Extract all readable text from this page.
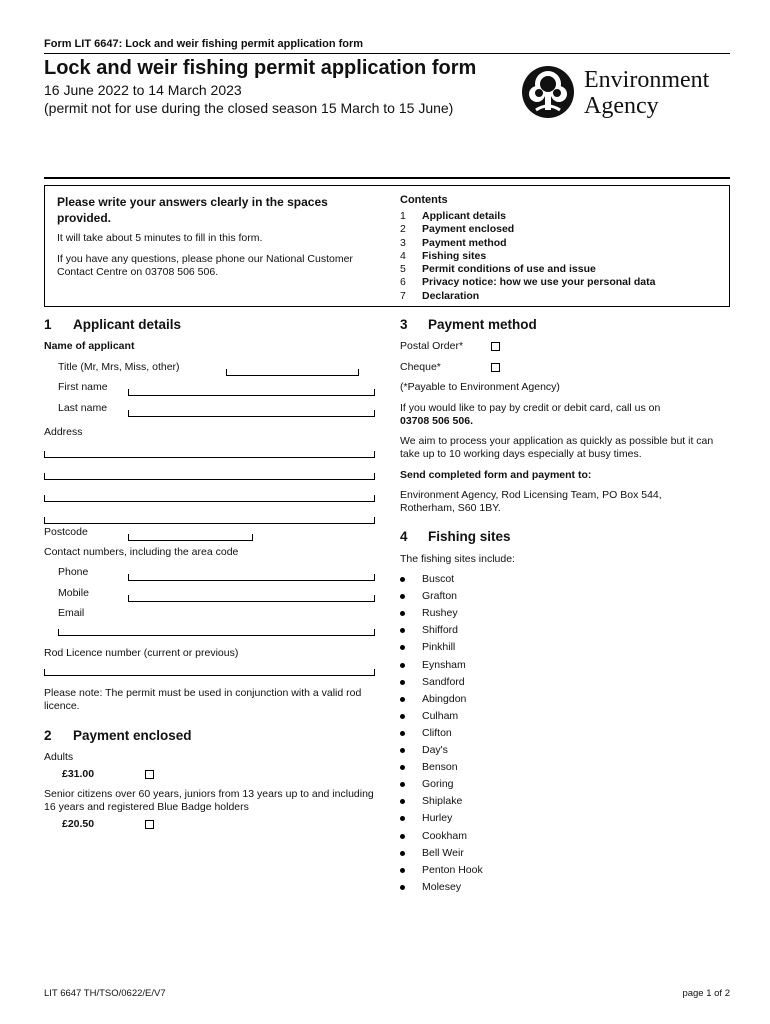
Form LIT 6647: Lock and weir fishing permit application form
Lock and weir fishing permit application form
16 June 2022 to 14 March 2023
(permit not for use during the closed season 15 March to 15 June)
Environment
Agency
Please write your answers clearly in the spaces provided.
It will take about 5 minutes to fill in this form.
If you have any questions, please phone our National Customer Contact Centre on 03708 506 506.
Contents
1 Applicant details
2 Payment enclosed
3 Payment method
4 Fishing sites
5 Permit conditions of use and issue
6 Privacy notice: how we use your personal data
7 Declaration
1 Applicant details
Name of applicant
Title (Mr, Mrs, Miss, other)
First name
Last name
Address
Postcode
Contact numbers, including the area code
Phone
Mobile
Email
Rod Licence number (current or previous)
Please note: The permit must be used in conjunction with a valid rod licence.
2 Payment enclosed
Adults
£31.00
Senior citizens over 60 years, juniors from 13 years up to and including 16 years and registered Blue Badge holders
£20.50
3 Payment method
Postal Order*
Cheque*
(*Payable to Environment Agency)
If you would like to pay by credit or debit card, call us on
03708 506 506.
We aim to process your application as quickly as possible but it can take up to 10 working days especially at busy times.
Send completed form and payment to:
Environment Agency, Rod Licensing Team, PO Box 544, Rotherham, S60 1BY.
4 Fishing sites
The fishing sites include:
Buscot
Grafton
Rushey
Shifford
Pinkhill
Eynsham
Sandford
Abingdon
Culham
Clifton
Day's
Benson
Goring
Shiplake
Hurley
Cookham
Bell Weir
Penton Hook
Molesey
LIT 6647 TH/TSO/0622/E/V7	page 1 of 2
